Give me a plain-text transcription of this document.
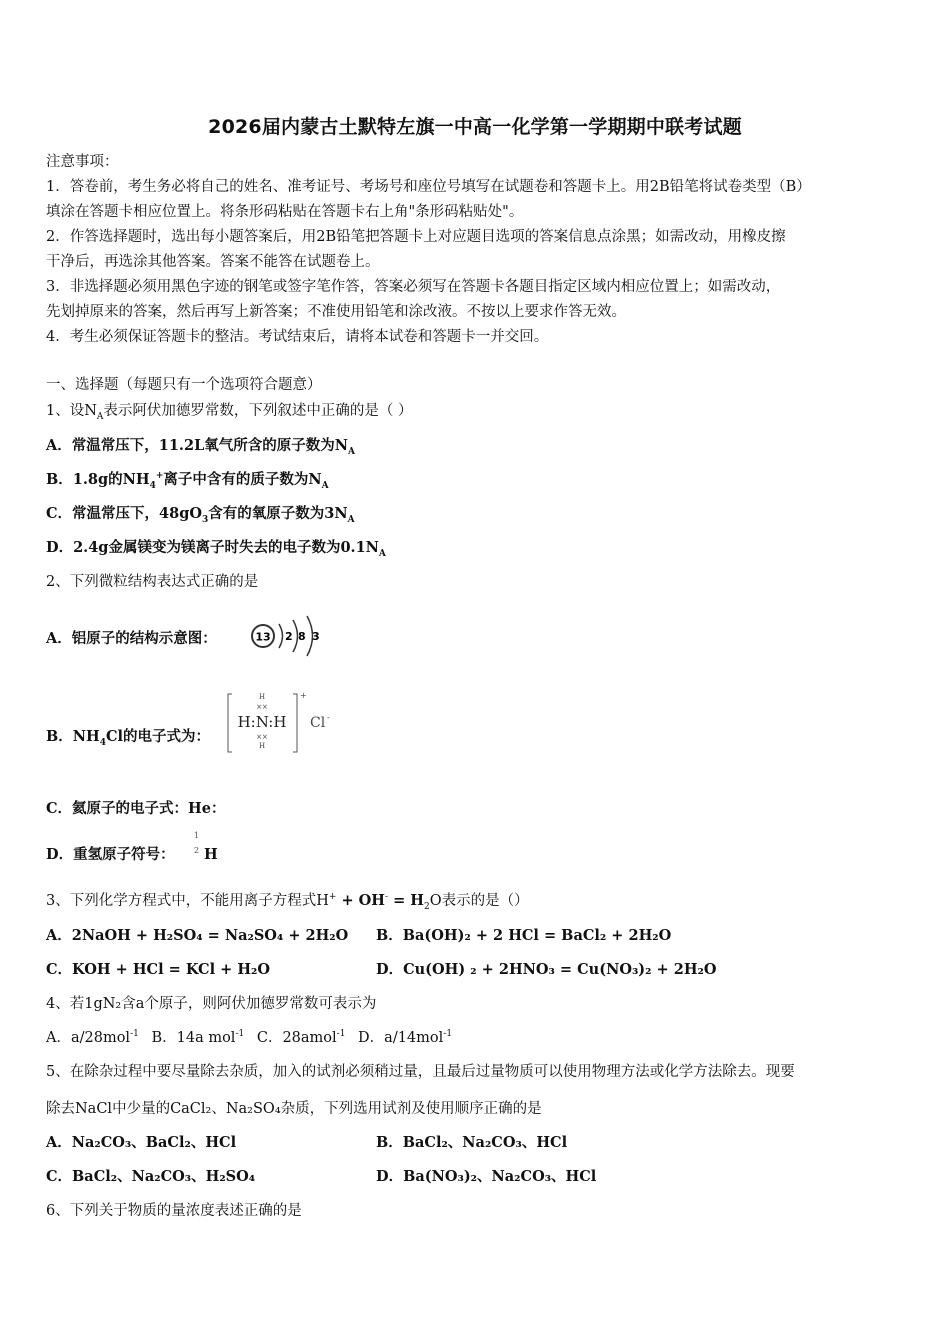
2026届内蒙古土默特左旗一中高一化学第一学期期中联考试题
注意事项：
1．答卷前，考生务必将自己的姓名、准考证号、考场号和座位号填写在试题卷和答题卡上。用2B铅笔将试卷类型（B）
填涂在答题卡相应位置上。将条形码粘贴在答题卡右上角"条形码粘贴处"。
2．作答选择题时，选出每小题答案后，用2B铅笔把答题卡上对应题目选项的答案信息点涂黑；如需改动，用橡皮擦
干净后，再选涂其他答案。答案不能答在试题卷上。
3．非选择题必须用黑色字迹的钢笔或签字笔作答，答案必须写在答题卡各题目指定区域内相应位置上；如需改动，
先划掉原来的答案，然后再写上新答案；不准使用铅笔和涂改液。不按以上要求作答无效。
4．考生必须保证答题卡的整洁。考试结束后，请将本试卷和答题卡一并交回。
一、选择题（每题只有一个选项符合题意）
1、设$N_A$表示阿伏加德罗常数，下列叙述中正确的是（ ）
A．常温常压下，11.2L氧气所含的原子数为$N_A$
B．1.8g的$NH_4^+$离子中含有的质子数为$N_A$
C．常温常压下，$48gO_3$含有的氧原子数为$3N_A$
D．2.4g金属镁变为镁离子时失去的电子数为$0.1N_A$
2、下列微粒结构表达式正确的是
A．铝原子的结构示意图：	13 2 8 3
B．$NH_4Cl$的电子式为：
H
××
H:N:H
××
H
+
Cl -
C．氦原子的电子式：He：
D．重氢原子符号：
1
2 H
3、下列化学方程式中，不能用离子方程式$H^+ + OH^- = H_2O$表示的是（）
A．2NaOH + H₂SO₄ = Na₂SO₄ + 2H₂O B．Ba(OH)₂ + 2 HCl = BaCl₂ + 2H₂O
C．KOH + HCl = KCl + H₂O	D．Cu(OH) ₂ + 2HNO₃ = Cu(NO₃)₂ + 2H₂O
4、若1gN₂含a个原子，则阿伏加德罗常数可表示为
A．a/28mol$^{-1}$ B．14a mol$^{-1}$ C．28amol$^{-1}$ D．a/14mol$^{-1}$
5、在除杂过程中要尽量除去杂质，加入的试剂必须稍过量，且最后过量物质可以使用物理方法或化学方法除去。现要
除去NaCl中少量的CaCl₂、Na₂SO₄杂质，下列选用试剂及使用顺序正确的是
A．Na₂CO₃、BaCl₂、HCl	B．BaCl₂、Na₂CO₃、HCl
C．BaCl₂、Na₂CO₃、H₂SO₄	D．Ba(NO₃)₂、Na₂CO₃、HCl
6、下列关于物质的量浓度表述正确的是
